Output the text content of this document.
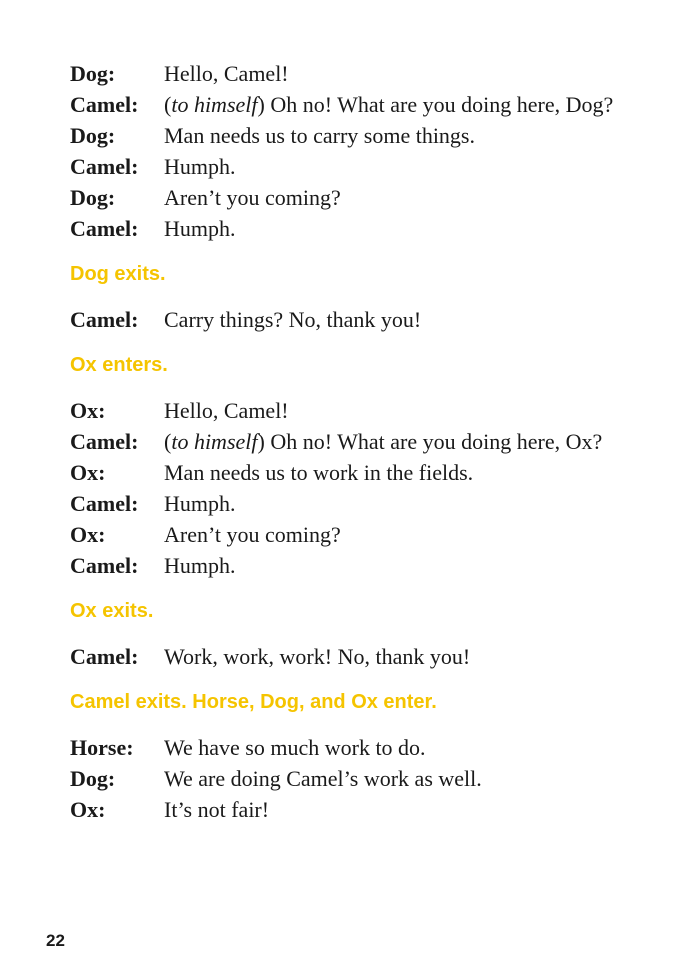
Dog:	Hello, Camel!
Camel:	(to himself) Oh no! What are you doing here, Dog?
Dog:	Man needs us to carry some things.
Camel:	Humph.
Dog:	Aren’t you coming?
Camel:	Humph.
Dog exits.
Camel:	Carry things? No, thank you!
Ox enters.
Ox:	Hello, Camel!
Camel:	(to himself) Oh no! What are you doing here, Ox?
Ox:	Man needs us to work in the fields.
Camel:	Humph.
Ox:	Aren’t you coming?
Camel:	Humph.
Ox exits.
Camel:	Work, work, work! No, thank you!
Camel exits. Horse, Dog, and Ox enter.
Horse:	We have so much work to do.
Dog:	We are doing Camel’s work as well.
Ox:	It’s not fair!
22
